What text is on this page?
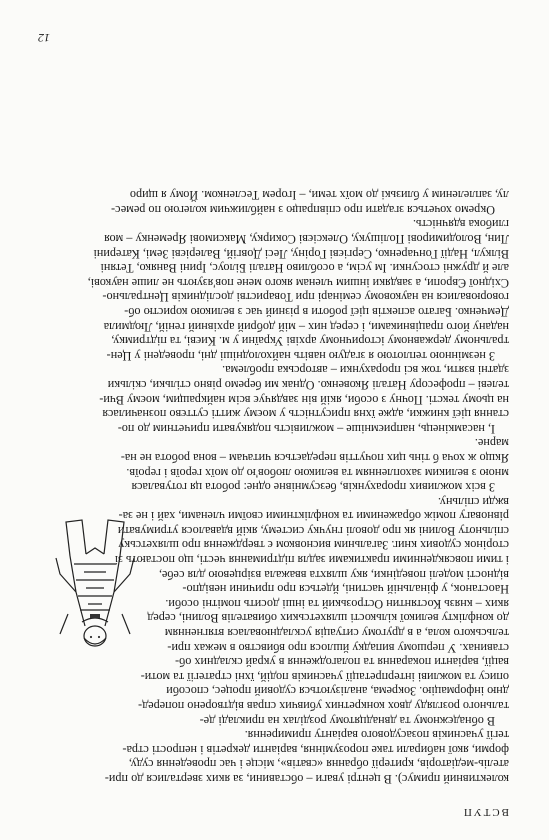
ВСТУП
колективний примус). В центрі уваги – обставини, за яких зверталися до при-
ателіь-медіаторів, критерії обрання «сватів», місце і час проведення суду,
форми, якої набирали таке порозуміння, варіанти декретів і непрості стра-
тегії учасників позасудового варіанту примирення.
В обнадєжному та двнадцятому розділах на прикладі де-
тального розгляду двох конкретних убивчих справ відтворено поперед-
дню інформацію. Зокрема, аналізуються судовий процес, способи
опису та можливі інтерпретації учасників подій, їхні стратегії та моти-
вації, варіанти покарання та полагодження в украй складних об-
ставинах. У першому випадку йшлося про вбивство в межах при-
тельського кола, а в другому ситуація ускладнювалася втягненням
до конфлікту великої кількості шляхетських обивателів Волині, серед
яких – князь Костянтин Острозький та інші досить помітні особи.
Наостанок, у фінальній частині, йдеться про причини невідпо-
відності моделі поведінки, яку шляхта вважала взірцевою для себе,
і тими повсякденними практиками задля підтримання честі, що постають зі
сторінок судових книг. Загальним висновком є твердження про шляхетську
спільноту Волині як про доволі гнучку систему, якій вдавалося утримувати
рівновагу поміж ображеними та конфліктними своїми членами, хай і не за-
вжди спільну.
З всіх можливих прорахунків, безсумнівне одне: робота ця готувалася
мною з великим захопленням та великою любов'ю до моїх героїв і героїв.
Якщо ж хоча б тінь цих почуттів передається читачам – вона робота не на-
марне.
І, насамкінець, наприємніше – можливість подякувати причетним до по-
стання цієї книжки, адже їхня присутність у моєму житті суттєво позначилася
на цьому тексті. Почну з особи, якій він завдячує всім найкращим, моєму Вчи-
телеві – професору Наталі Яковенко. Однак ми беремо рівно стільки, скільки
здатні взяти, тож всі прорахунки – авторська проблема.
З незмінною теплотою я згадую навіть найхолодніші дні, проведені у Цен-
тральному державному історичному архіві України у м. Києві, та підтримку,
надану його працівниками, і серед них – мій добрий архівний геній, Людмила
Демченко. Багато аспектів цієї роботи в різний час з великою користю об-
говорювалися на науковому семінарі при Товаристві дослідників Центрально-
Східної Європи, а завдяки іншим членам якого мене пов'язують не лише наукові,
але й дружні стосунки. Ім усім, а особливо Наталі Білоус, Ірині Ваняко, Тетяні
Вілкул, Надії Гончаренко, Сергієві Горіну, Лесі Довгій, Валерієві Земі, Катерині
Лин, Володимирові Полішуку, Олексієві Сокирку, Максимові Яременку – моя
глибока вдячність.
Окремо хочеться згадати про співпрацю з найближчим колегою по ремес-
лу, заплеленим у близькі до моїх теми, – Ігорем Тесленком. Йому я щиро
12
